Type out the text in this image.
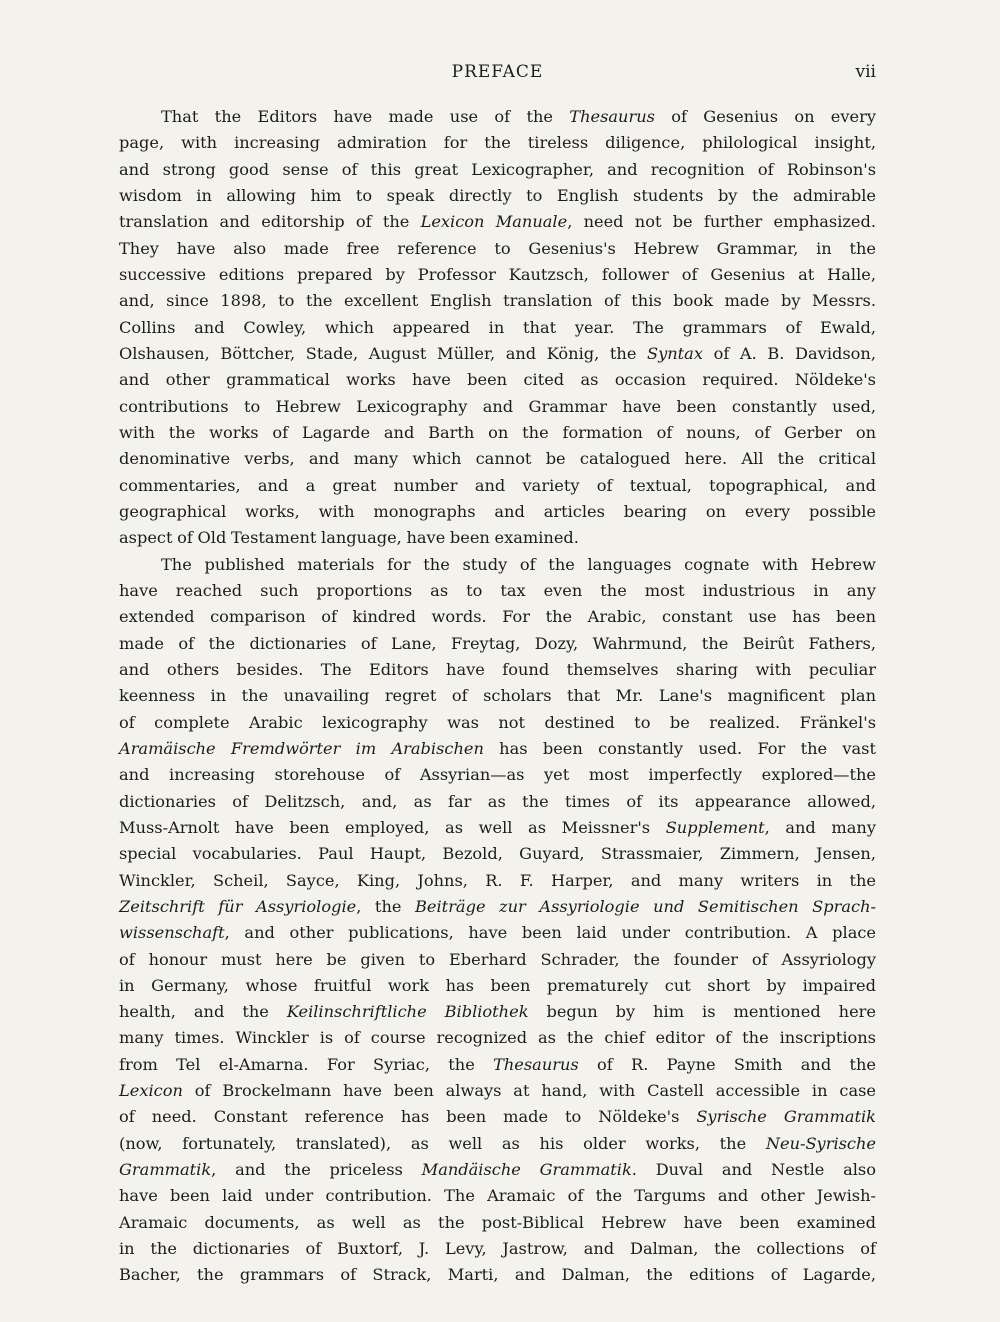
PREFACE	vii
That the Editors have made use of the Thesaurus of Gesenius on every
page, with increasing admiration for the tireless diligence, philological insight,
and strong good sense of this great Lexicographer, and recognition of Robinson's
wisdom in allowing him to speak directly to English students by the admirable
translation and editorship of the Lexicon Manuale, need not be further emphasized.
They have also made free reference to Gesenius's Hebrew Grammar, in the
successive editions prepared by Professor Kautzsch, follower of Gesenius at Halle,
and, since 1898, to the excellent English translation of this book made by Messrs.
Collins and Cowley, which appeared in that year. The grammars of Ewald,
Olshausen, Böttcher, Stade, August Müller, and König, the Syntax of A. B. Davidson,
and other grammatical works have been cited as occasion required. Nöldeke's
contributions to Hebrew Lexicography and Grammar have been constantly used,
with the works of Lagarde and Barth on the formation of nouns, of Gerber on
denominative verbs, and many which cannot be catalogued here. All the critical
commentaries, and a great number and variety of textual, topographical, and
geographical works, with monographs and articles bearing on every possible
aspect of Old Testament language, have been examined.
The published materials for the study of the languages cognate with Hebrew
have reached such proportions as to tax even the most industrious in any
extended comparison of kindred words. For the Arabic, constant use has been
made of the dictionaries of Lane, Freytag, Dozy, Wahrmund, the Beirût Fathers,
and others besides. The Editors have found themselves sharing with peculiar
keenness in the unavailing regret of scholars that Mr. Lane's magnificent plan
of complete Arabic lexicography was not destined to be realized. Fränkel's
Aramäische Fremdwörter im Arabischen has been constantly used. For the vast
and increasing storehouse of Assyrian—as yet most imperfectly explored—the
dictionaries of Delitzsch, and, as far as the times of its appearance allowed,
Muss-Arnolt have been employed, as well as Meissner's Supplement, and many
special vocabularies. Paul Haupt, Bezold, Guyard, Strassmaier, Zimmern, Jensen,
Winckler, Scheil, Sayce, King, Johns, R. F. Harper, and many writers in the
Zeitschrift für Assyriologie, the Beiträge zur Assyriologie und Semitischen Sprach-
wissenschaft, and other publications, have been laid under contribution. A place
of honour must here be given to Eberhard Schrader, the founder of Assyriology
in Germany, whose fruitful work has been prematurely cut short by impaired
health, and the Keilinschriftliche Bibliothek begun by him is mentioned here
many times. Winckler is of course recognized as the chief editor of the inscriptions
from Tel el-Amarna. For Syriac, the Thesaurus of R. Payne Smith and the
Lexicon of Brockelmann have been always at hand, with Castell accessible in case
of need. Constant reference has been made to Nöldeke's Syrische Grammatik
(now, fortunately, translated), as well as his older works, the Neu-Syrische
Grammatik, and the priceless Mandäische Grammatik. Duval and Nestle also
have been laid under contribution. The Aramaic of the Targums and other Jewish-
Aramaic documents, as well as the post-Biblical Hebrew have been examined
in the dictionaries of Buxtorf, J. Levy, Jastrow, and Dalman, the collections of
Bacher, the grammars of Strack, Marti, and Dalman, the editions of Lagarde,
